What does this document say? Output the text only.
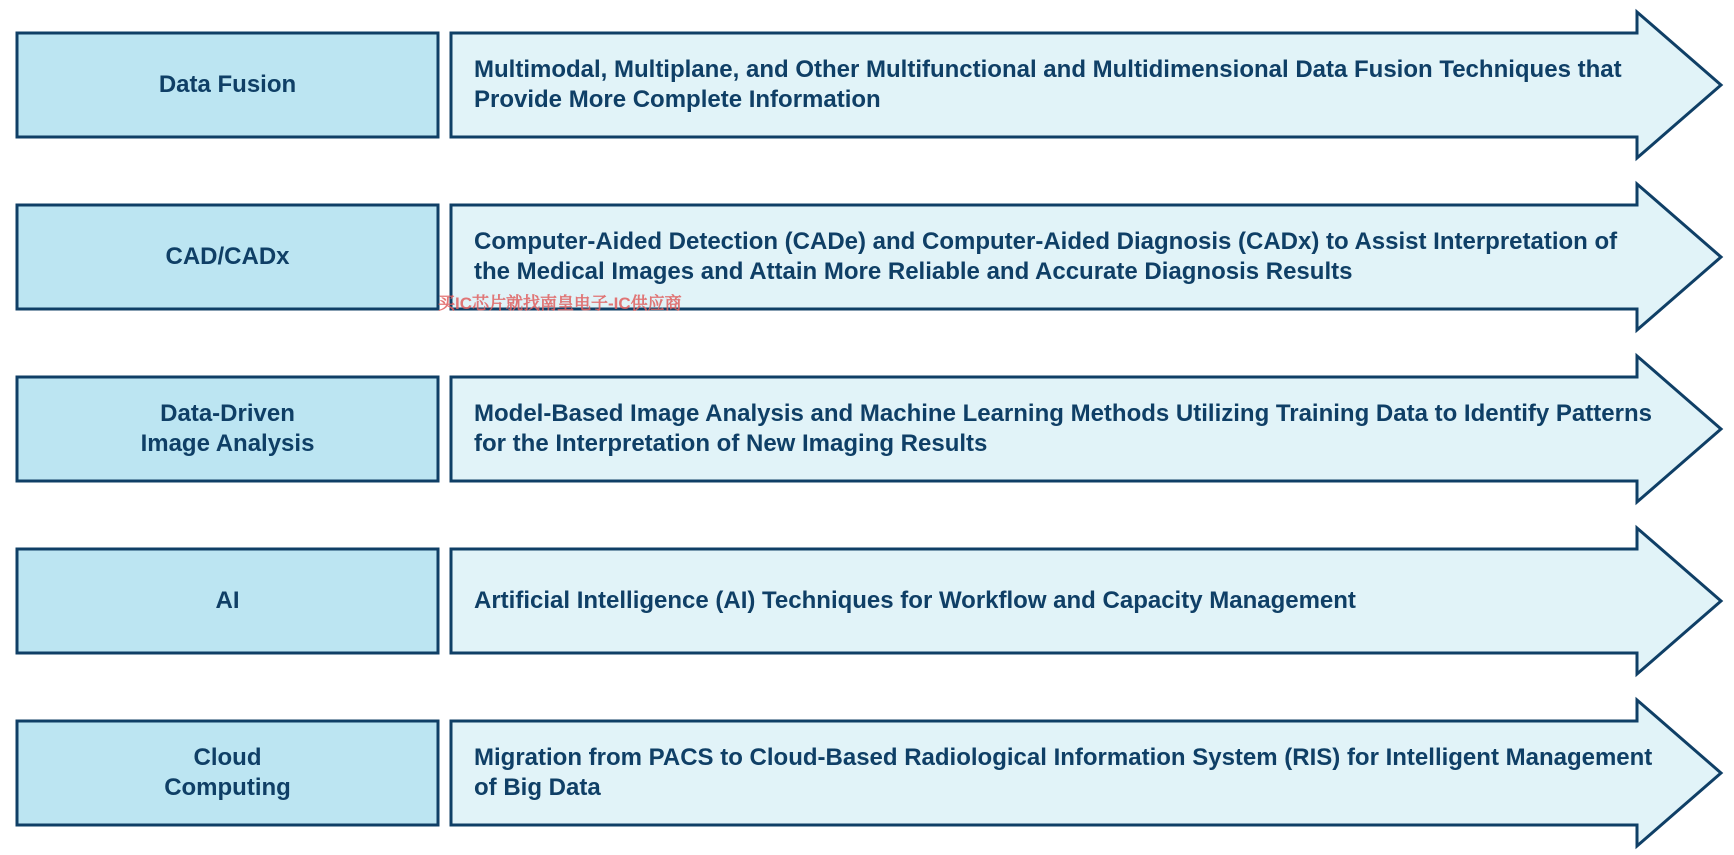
Data Fusion
Multimodal, Multiplane, and Other Multifunctional and Multidimensional Data Fusion Techniques that Provide More Complete Information
CAD/CADx
Computer-Aided Detection (CADe) and Computer-Aided Diagnosis (CADx) to Assist Interpretation of the Medical Images and Attain More Reliable and Accurate Diagnosis Results
Data-Driven Image Analysis
Model-Based Image Analysis and Machine Learning Methods Utilizing Training Data to Identify Patterns for the Interpretation of New Imaging Results
AI	Artificial Intelligence (AI) Techniques for Workflow and Capacity Management
Cloud Computing
Migration from PACS to Cloud-Based Radiological Information System (RIS) for Intelligent Management of Big Data
买IC芯片就找南皇电子-IC供应商
